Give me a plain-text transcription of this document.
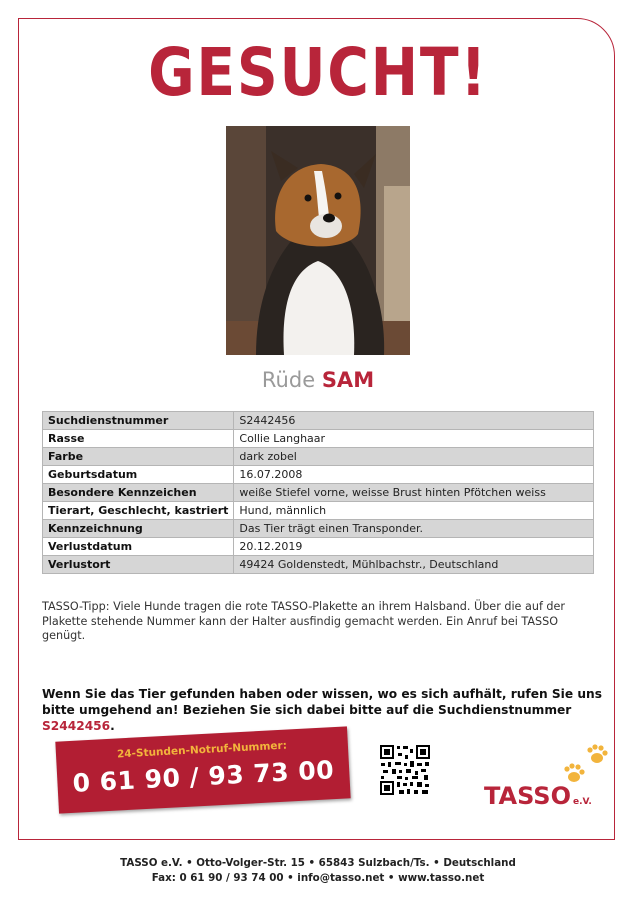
GESUCHT!
Rüde SAM
Suchdienstnummer	S2442456
Rasse	Collie Langhaar
Farbe	dark zobel
Geburtsdatum	16.07.2008
Besondere Kennzeichen	weiße Stiefel vorne, weisse Brust hinten Pfötchen weiss
Tierart, Geschlecht, kastriert	Hund, männlich
Kennzeichnung	Das Tier trägt einen Transponder.
Verlustdatum	20.12.2019
Verlustort	49424 Goldenstedt, Mühlbachstr., Deutschland
TASSO-Tipp: Viele Hunde tragen die rote TASSO-Plakette an ihrem Halsband. Über die auf der Plakette stehende Nummer kann der Halter ausfindig gemacht werden. Ein Anruf bei TASSO genügt.
Wenn Sie das Tier gefunden haben oder wissen, wo es sich aufhält, rufen Sie uns bitte umgehend an! Beziehen Sie sich dabei bitte auf die Suchdienstnummer S2442456.
24-Stunden-Notruf-Nummer:
0 61 90 / 93 73 00	TASSO e.V.
TASSO e.V. • Otto-Volger-Str. 15 • 65843 Sulzbach/Ts. • Deutschland
Fax: 0 61 90 / 93 74 00 • info@tasso.net • www.tasso.net
